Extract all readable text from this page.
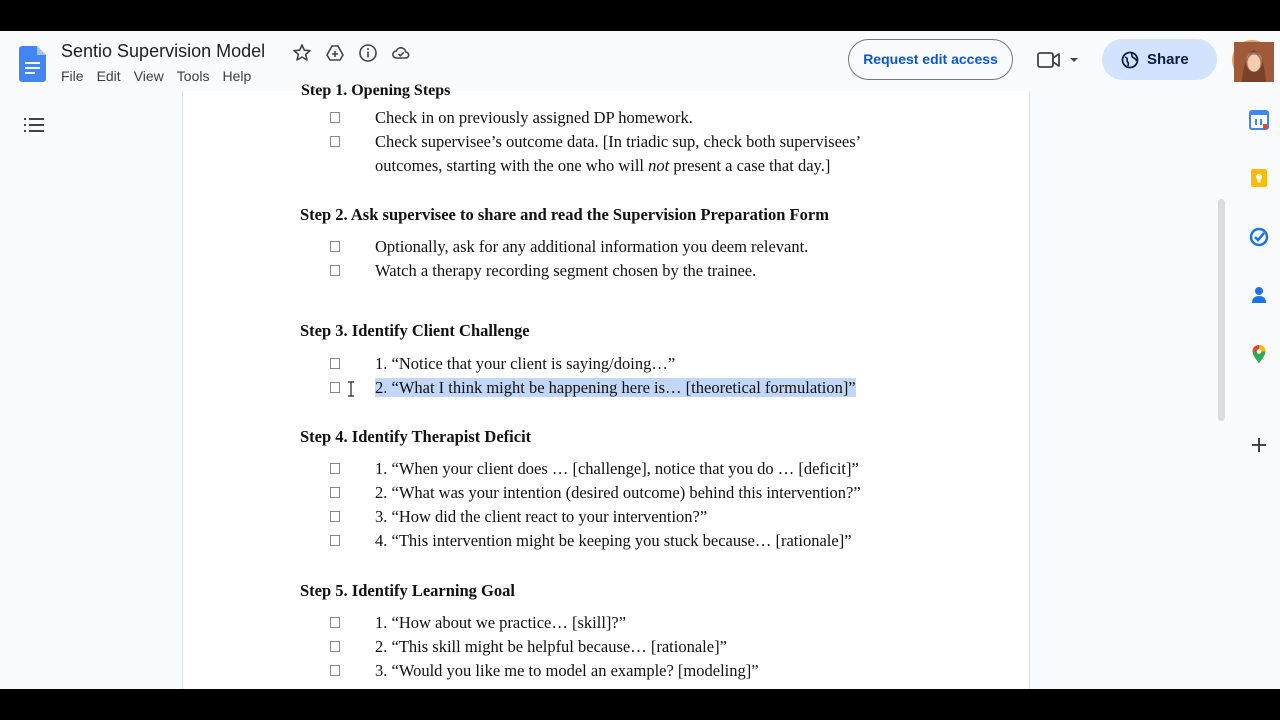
Sentio Supervision Model
File Edit View Tools Help
Request edit access	Share
Step 1. Opening Steps
Check in on previously assigned DP homework.
Check supervisee’s outcome data. [In triadic sup, check both supervisees’
outcomes, starting with the one who will not present a case that day.]
Step 2. Ask supervisee to share and read the Supervision Preparation Form
Optionally, ask for any additional information you deem relevant.
Watch a therapy recording segment chosen by the trainee.
Step 3. Identify Client Challenge
1. “Notice that your client is saying/doing…”
2. “What I think might be happening here is… [theoretical formulation]”
Step 4. Identify Therapist Deficit
1. “When your client does … [challenge], notice that you do … [deficit]”
2. “What was your intention (desired outcome) behind this intervention?”
3. “How did the client react to your intervention?”
4. “This intervention might be keeping you stuck because… [rationale]”
Step 5. Identify Learning Goal
1. “How about we practice… [skill]?”
2. “This skill might be helpful because… [rationale]”
3. “Would you like me to model an example? [modeling]”
